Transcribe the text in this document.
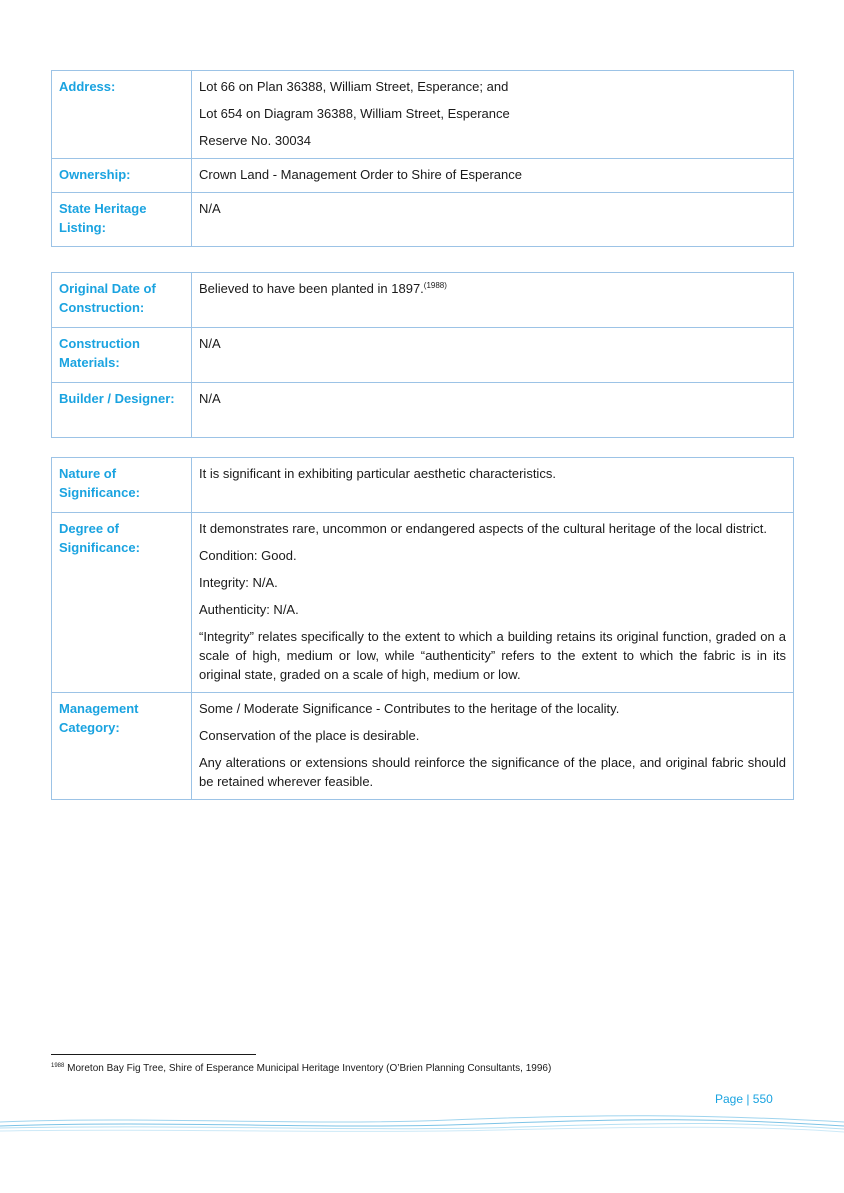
Address:	Lot 66 on Plan 36388, William Street, Esperance; and

Lot 654 on Diagram 36388, William Street, Esperance

Reserve No. 30034

Ownership:	Crown Land - Management Order to Shire of Esperance
State Heritage Listing:	N/A
Original Date of Construction:	Believed to have been planted in 1897.$^{(1988)}$
Construction Materials:	N/A
Builder / Designer:	N/A
Nature of Significance:	It is significant in exhibiting particular aesthetic characteristics.
Degree of Significance:	It demonstrates rare, uncommon or endangered aspects of the cultural heritage of the local district.

Condition: Good.

Integrity: N/A.

Authenticity: N/A.

“Integrity” relates specifically to the extent to which a building retains its original function, graded on a scale of high, medium or low, while “authenticity” refers to the extent to which the fabric is in its original state, graded on a scale of high, medium or low.

Management Category:	Some / Moderate Significance - Contributes to the heritage of the locality.

Conservation of the place is desirable.

Any alterations or extensions should reinforce the significance of the place, and original fabric should be retained wherever feasible.

$^{1988}$ Moreton Bay Fig Tree, Shire of Esperance Municipal Heritage Inventory (O’Brien Planning Consultants, 1996)
Page | 550
